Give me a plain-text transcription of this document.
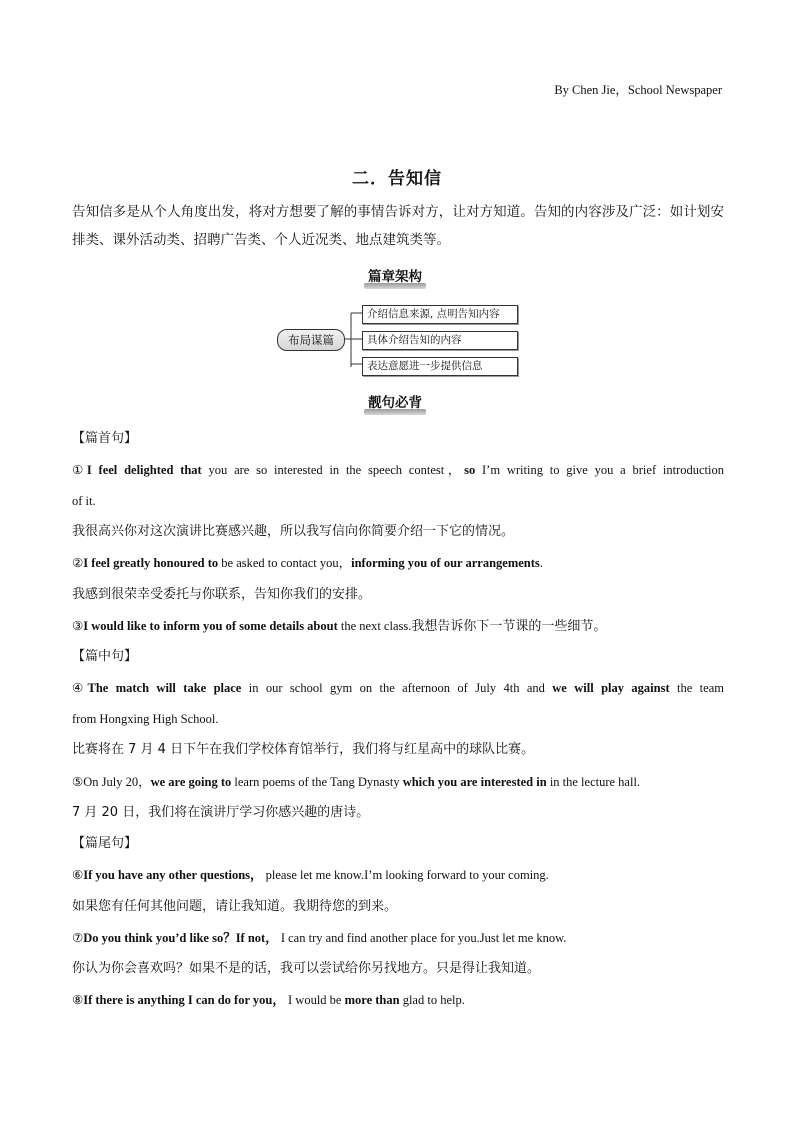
By Chen Jie，School Newspaper
二．告知信
告知信多是从个人角度出发，将对方想要了解的事情告诉对方，让对方知道。告知的内容涉及广泛：如计划安排类、课外活动类、招聘广告类、个人近况类、地点建筑类等。
篇章架构
布局谋篇
介绍信息来源, 点明告知内容
具体介绍告知的内容
表达意愿进一步提供信息
靓句必背
【篇首句】
①I feel delighted that you are so interested in the speech contest，so I’m writing to give you a brief introduction
of it.
我很高兴你对这次演讲比赛感兴趣，所以我写信向你简要介绍一下它的情况。
②I feel greatly honoured to be asked to contact you，informing you of our arrangements.
我感到很荣幸受委托与你联系，告知你我们的安排。
③I would like to inform you of some details about the next class.我想告诉你下一节课的一些细节。
【篇中句】
④The match will take place in our school gym on the afternoon of July 4th and we will play against the team
from Hongxing High School.
比赛将在 7 月 4 日下午在我们学校体育馆举行，我们将与红星高中的球队比赛。
⑤On July 20，we are going to learn poems of the Tang Dynasty which you are interested in in the lecture hall.
7 月 20 日，我们将在演讲厅学习你感兴趣的唐诗。
【篇尾句】
⑥If you have any other questions， please let me know.I’m looking forward to your coming.
如果您有任何其他问题，请让我知道。我期待您的到来。
⑦Do you think you’d like so？If not， I can try and find another place for you.Just let me know.
你认为你会喜欢吗？如果不是的话，我可以尝试给你另找地方。只是得让我知道。
⑧If there is anything I can do for you， I would be more than glad to help.
